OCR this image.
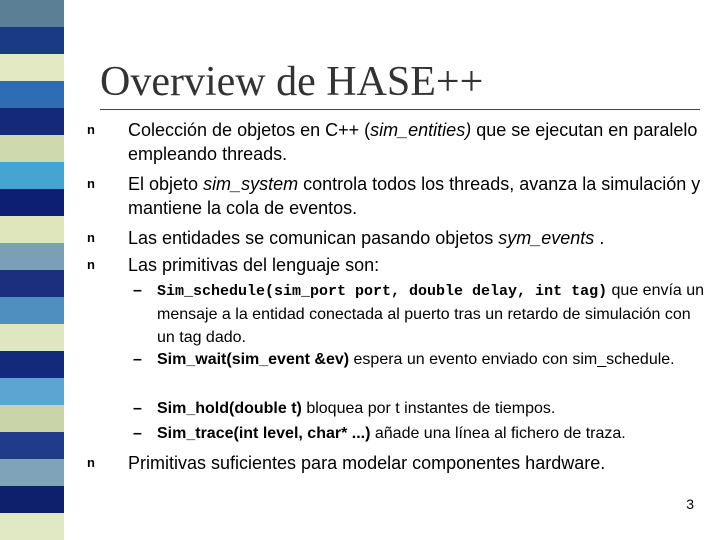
Overview de HASE++
n Colección de objetos en C++ (sim_entities) que se ejecutan en paralelo empleando threads.
n El objeto sim_system controla todos los threads, avanza la simulación y mantiene la cola de eventos.
n Las entidades se comunican pasando objetos sym_events .
n Las primitivas del lenguaje son:
– Sim_schedule(sim_port port, double delay, int tag) que envía un mensaje a la entidad conectada al puerto tras un retardo de simulación con un tag dado.
– Sim_wait(sim_event &ev) espera un evento enviado con sim_schedule.
– Sim_hold(double t) bloquea por t instantes de tiempos.
– Sim_trace(int level, char* ...) añade una línea al fichero de traza.
n Primitivas suficientes para modelar componentes hardware.
3
